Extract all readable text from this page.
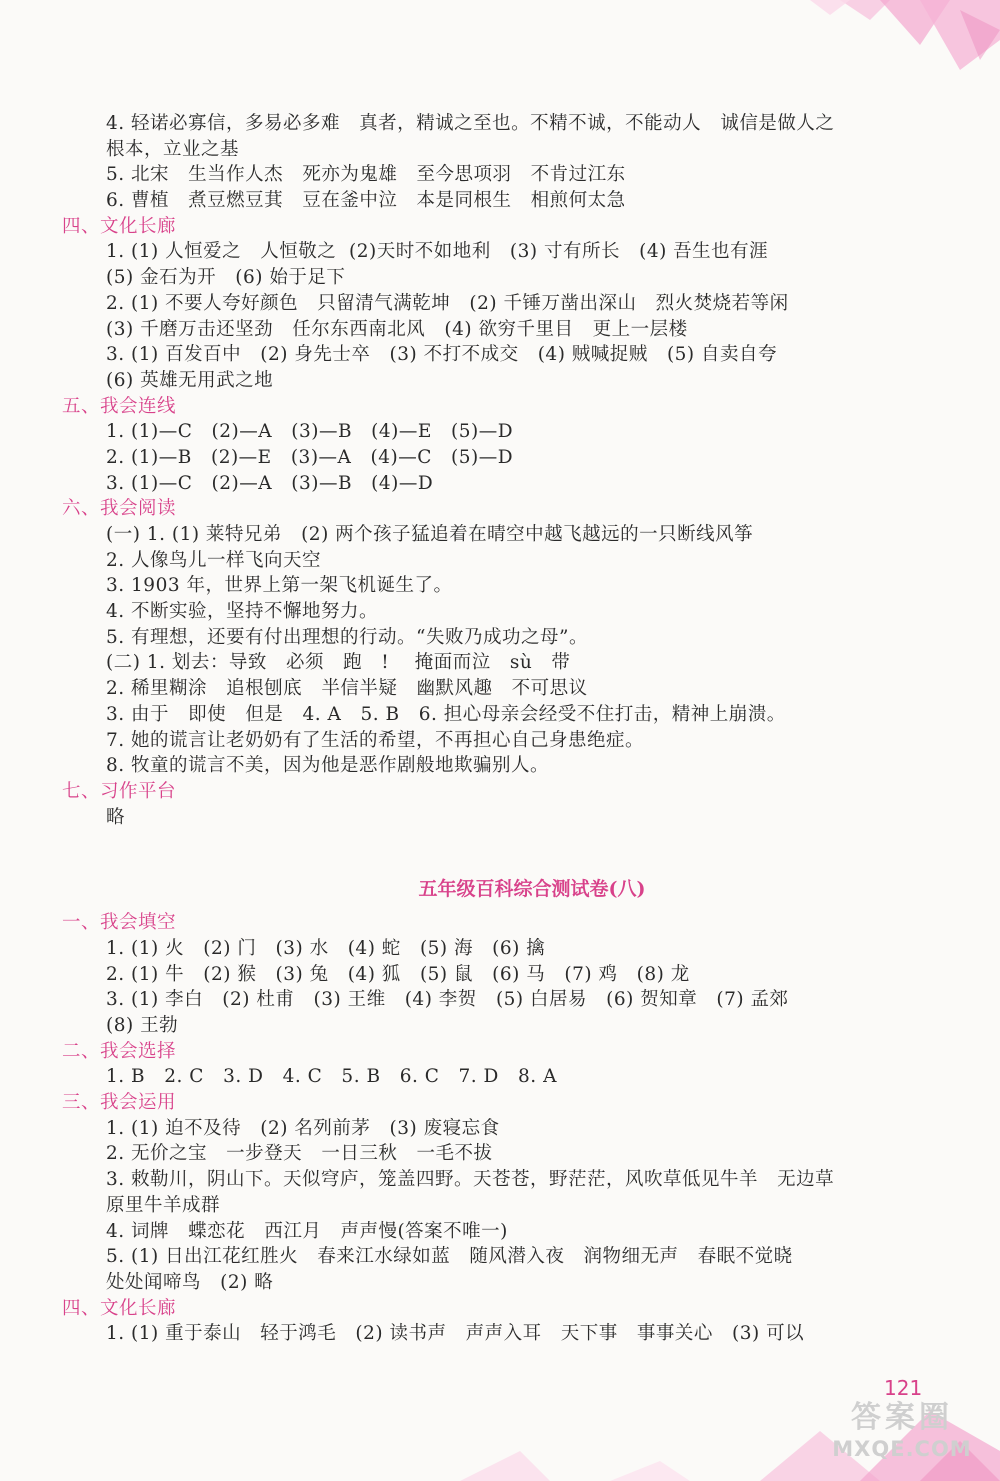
4. 轻诺必寡信，多易必多难   真者，精诚之至也。不精不诚，不能动人   诚信是做人之
根本，立业之基
5. 北宋   生当作人杰   死亦为鬼雄   至今思项羽   不肯过江东
6. 曹植   煮豆燃豆萁   豆在釜中泣   本是同根生   相煎何太急
四、文化长廊
1. (1) 人恒爱之   人恒敬之  (2)天时不如地利   (3) 寸有所长   (4) 吾生也有涯
(5) 金石为开   (6) 始于足下
2. (1) 不要人夸好颜色   只留清气满乾坤   (2) 千锤万凿出深山   烈火焚烧若等闲
(3) 千磨万击还坚劲   任尔东西南北风   (4) 欲穷千里目   更上一层楼
3. (1) 百发百中   (2) 身先士卒   (3) 不打不成交   (4) 贼喊捉贼   (5) 自卖自夸
(6) 英雄无用武之地
五、我会连线
1. (1)—C   (2)—A   (3)—B   (4)—E   (5)—D
2. (1)—B   (2)—E   (3)—A   (4)—C   (5)—D
3. (1)—C   (2)—A   (3)—B   (4)—D
六、我会阅读
(一) 1. (1) 莱特兄弟   (2) 两个孩子猛追着在晴空中越飞越远的一只断线风筝
2. 人像鸟儿一样飞向天空
3. 1903 年，世界上第一架飞机诞生了。
4. 不断实验，坚持不懈地努力。
5. 有理想，还要有付出理想的行动。“失败乃成功之母”。
(二) 1. 划去：导致   必须   跑   !    掩面而泣   sù   带
2. 稀里糊涂   追根刨底   半信半疑   幽默风趣   不可思议
3. 由于   即使   但是   4. A   5. B   6. 担心母亲会经受不住打击，精神上崩溃。
7. 她的谎言让老奶奶有了生活的希望，不再担心自己身患绝症。
8. 牧童的谎言不美，因为他是恶作剧般地欺骗别人。
七、习作平台
略
五年级百科综合测试卷(八)
一、我会填空
1. (1) 火   (2) 门   (3) 水   (4) 蛇   (5) 海   (6) 擒
2. (1) 牛   (2) 猴   (3) 兔   (4) 狐   (5) 鼠   (6) 马   (7) 鸡   (8) 龙
3. (1) 李白   (2) 杜甫   (3) 王维   (4) 李贺   (5) 白居易   (6) 贺知章   (7) 孟郊
(8) 王勃
二、我会选择
1. B   2. C   3. D   4. C   5. B   6. C   7. D   8. A
三、我会运用
1. (1) 迫不及待   (2) 名列前茅   (3) 废寝忘食
2. 无价之宝   一步登天   一日三秋   一毛不拔
3. 敕勒川，阴山下。天似穹庐，笼盖四野。天苍苍，野茫茫，风吹草低见牛羊   无边草
原里牛羊成群
4. 词牌   蝶恋花   西江月   声声慢(答案不唯一)
5. (1) 日出江花红胜火   春来江水绿如蓝   随风潜入夜   润物细无声   春眠不觉晓
处处闻啼鸟   (2) 略
四、文化长廊
1. (1) 重于泰山   轻于鸿毛   (2) 读书声   声声入耳   天下事   事事关心   (3) 可以
121
答案圈
MXQE.COM
